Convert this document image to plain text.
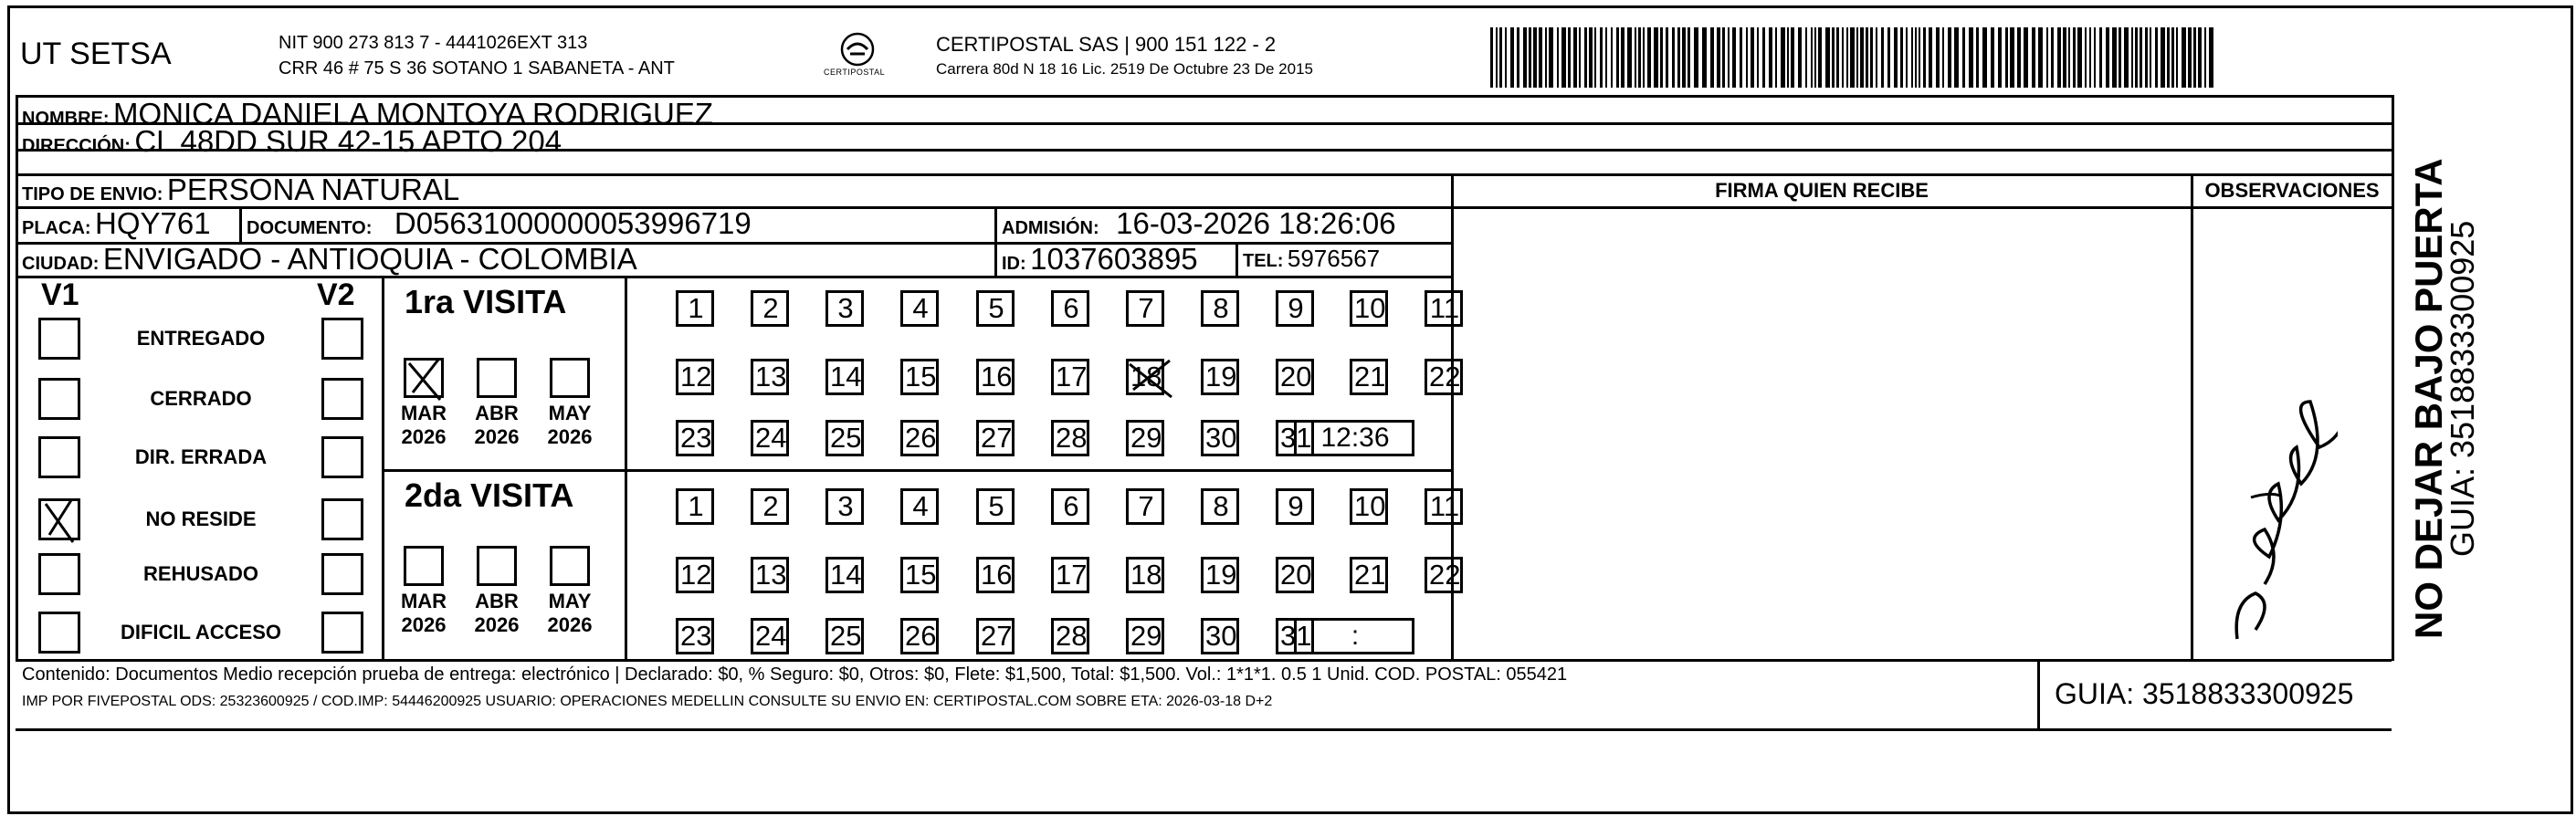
UT SETSA	NIT 900 273 813 7 - 4441026EXT 313
CRR 46 # 75 S 36 SOTANO 1 SABANETA - ANT	CERTIPOSTAL
CERTIPOSTAL SAS | 900 151 122 - 2
Carrera 80d N 18 16 Lic. 2519 De Octubre 23 De 2015
NOMBRE: MONICA DANIELA MONTOYA RODRIGUEZ
DIRECCIÓN: CL 48DD SUR 42-15 APTO 204
TIPO DE ENVIO: PERSONA NATURAL
PLACA: HQY761 DOCUMENTO: D05631000000053996719	ADMISIÓN: 16-03-2026 18:26:06
CIUDAD: ENVIGADO - ANTIOQUIA - COLOMBIA	ID: 1037603895 TEL: 5976567
FIRMA QUIEN RECIBE	OBSERVACIONES
V1	V2 1ra VISITA
2da VISITA	NO DEJAR BAJO PUERTA
GUIA: 3518833300925
Contenido: Documentos Medio recepción prueba de entrega: electrónico | Declarado: $0, % Seguro: $0, Otros: $0, Flete: $1,500, Total: $1,500. Vol.: 1*1*1. 0.5 1 Unid. COD. POSTAL: 055421
IMP POR FIVEPOSTAL ODS: 25323600925 / COD.IMP: 54446200925 USUARIO: OPERACIONES MEDELLIN CONSULTE SU ENVIO EN: CERTIPOSTAL.COM SOBRE ETA: 2026-03-18 D+2	GUIA: 3518833300925
ENTREGADO
CERRADO
DIR. ERRADA
NO RESIDE
REHUSADO
DIFICIL ACCESO
1	2	3	4	5	6	7	8	9	10 11
12 13 14 15 16 17 18 19 20 21 22
23 24 25 26 27 28 29 30 31 12:36
1	2	3	4	5	6	7	8	9	10 11
12 13 14 15 16 17 18 19 20 21 22
23 24 25 26 27 28 29 30 31	:
MAR
2026
ABR
2026
MAY
2026
MAR
2026
ABR
2026
MAY
2026
